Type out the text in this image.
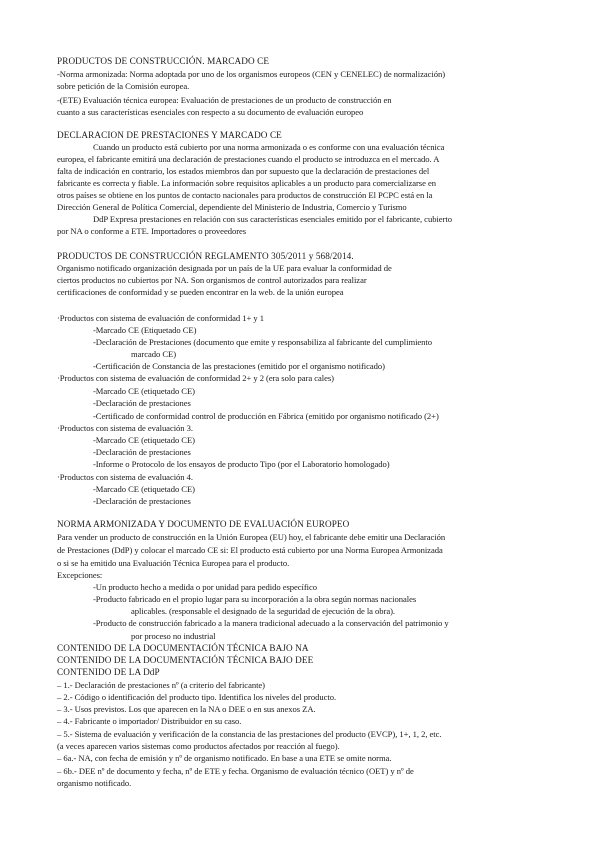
PRODUCTOS DE CONSTRUCCIÓN. MARCADO CE
-Norma armonizada: Norma adoptada por uno de los organismos europeos (CEN y CENELEC) de normalización)
sobre petición de la Comisión europea.
-(ETE) Evaluación técnica europea: Evaluación de prestaciones de un producto de construcción en
cuanto a sus características esenciales con respecto a su documento de evaluación europeo
DECLARACION DE PRESTACIONES Y MARCADO CE
Cuando un producto está cubierto por una norma armonizada o es conforme con una evaluación técnica
europea, el fabricante emitirá una declaración de prestaciones cuando el producto se introduzca en el mercado. A
falta de indicación en contrario, los estados miembros dan por supuesto que la declaración de prestaciones del
fabricante es correcta y fiable. La información sobre requisitos aplicables a un producto para comercializarse en
otros países se obtiene en los puntos de contacto nacionales para productos de construcción El PCPC está en la
Dirección General de Política Comercial, dependiente del Ministerio de Industria, Comercio y Turismo
DdP Expresa prestaciones en relación con sus características esenciales emitido por el fabricante, cubierto
por NA o conforme a ETE. Importadores o proveedores
PRODUCTOS DE CONSTRUCCIÓN REGLAMENTO 305/2011 y 568/2014.
Organismo notificado organización designada por un país de la UE para evaluar la conformidad de
ciertos productos no cubiertos por NA. Son organismos de control autorizados para realizar
certificaciones de conformidad y se pueden encontrar en la web. de la unión europea
·Productos con sistema de evaluación de conformidad 1+ y 1
-Marcado CE (Etiquetado CE)
-Declaración de Prestaciones (documento que emite y responsabiliza al fabricante del cumplimiento
marcado CE)
-Certificación de Constancia de las prestaciones (emitido por el organismo notificado)
·Productos con sistema de evaluación de conformidad 2+ y 2 (era solo para cales)
-Marcado CE (etiquetado CE)
-Declaración de prestaciones
-Certificado de conformidad control de producción en Fábrica (emitido por organismo notificado (2+)
·Productos con sistema de evaluación 3.
-Marcado CE (etiquetado CE)
-Declaración de prestaciones
-Informe o Protocolo de los ensayos de producto Tipo (por el Laboratorio homologado)
·Productos con sistema de evaluación 4.
-Marcado CE (etiquetado CE)
-Declaración de prestaciones
NORMA ARMONIZADA Y DOCUMENTO DE EVALUACIÓN EUROPEO
Para vender un producto de construcción en la Unión Europea (EU) hoy, el fabricante debe emitir una Declaración
de Prestaciones (DdP) y colocar el marcado CE si: El producto está cubierto por una Norma Europea Armonizada
o si se ha emitido una Evaluación Técnica Europea para el producto.
Excepciones:
-Un producto hecho a medida o por unidad para pedido específico
-Producto fabricado en el propio lugar para su incorporación a la obra según normas nacionales
aplicables. (responsable el designado de la seguridad de ejecución de la obra).
-Producto de construcción fabricado a la manera tradicional adecuado a la conservación del patrimonio y
por proceso no industrial
CONTENIDO DE LA DOCUMENTACIÓN TÉCNICA BAJO NA
CONTENIDO DE LA DOCUMENTACIÓN TÉCNICA BAJO DEE
CONTENIDO DE LA DdP
– 1.- Declaración de prestaciones nº (a criterio del fabricante)
– 2.- Código o identificación del producto tipo. Identifica los niveles del producto.
– 3.- Usos previstos. Los que aparecen en la NA o DEE o en sus anexos ZA.
– 4.- Fabricante o importador/ Distribuidor en su caso.
– 5.- Sistema de evaluación y verificación de la constancia de las prestaciones del producto (EVCP), 1+, 1, 2, etc.
(a veces aparecen varios sistemas como productos afectados por reacción al fuego).
– 6a.- NA, con fecha de emisión y nº de organismo notificado. En base a una ETE se omite norma.
– 6b.- DEE nº de documento y fecha, nº de ETE y fecha. Organismo de evaluación técnico (OET) y nº de
organismo notificado.
